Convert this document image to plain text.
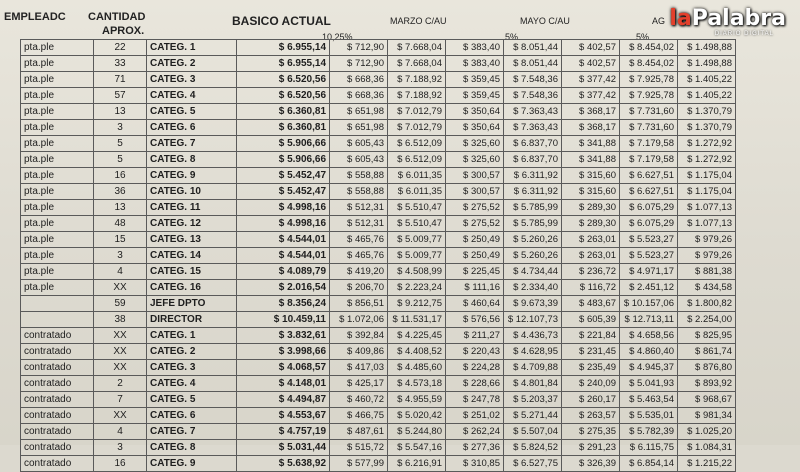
EMPLEADC CANTIDAD
APROX.
BASICO ACTUAL	MARZO C/AU
10,25%
MAYO C/AU
5%
AG
5%
laPalabra
DIARIO DIGITAL
pta.ple	22	CATEG. 1	$ 6.955,14	$ 712,90	$ 7.668,04	$ 383,40	$ 8.051,44	$ 402,57	$ 8.454,02	$ 1.498,88
pta.ple	33	CATEG. 2	$ 6.955,14	$ 712,90	$ 7.668,04	$ 383,40	$ 8.051,44	$ 402,57	$ 8.454,02	$ 1.498,88
pta.ple	71	CATEG. 3	$ 6.520,56	$ 668,36	$ 7.188,92	$ 359,45	$ 7.548,36	$ 377,42	$ 7.925,78	$ 1.405,22
pta.ple	57	CATEG. 4	$ 6.520,56	$ 668,36	$ 7.188,92	$ 359,45	$ 7.548,36	$ 377,42	$ 7.925,78	$ 1.405,22
pta.ple	13	CATEG. 5	$ 6.360,81	$ 651,98	$ 7.012,79	$ 350,64	$ 7.363,43	$ 368,17	$ 7.731,60	$ 1.370,79
pta.ple	3	CATEG. 6	$ 6.360,81	$ 651,98	$ 7.012,79	$ 350,64	$ 7.363,43	$ 368,17	$ 7.731,60	$ 1.370,79
pta.ple	5	CATEG. 7	$ 5.906,66	$ 605,43	$ 6.512,09	$ 325,60	$ 6.837,70	$ 341,88	$ 7.179,58	$ 1.272,92
pta.ple	5	CATEG. 8	$ 5.906,66	$ 605,43	$ 6.512,09	$ 325,60	$ 6.837,70	$ 341,88	$ 7.179,58	$ 1.272,92
pta.ple	16	CATEG. 9	$ 5.452,47	$ 558,88	$ 6.011,35	$ 300,57	$ 6.311,92	$ 315,60	$ 6.627,51	$ 1.175,04
pta.ple	36	CATEG. 10	$ 5.452,47	$ 558,88	$ 6.011,35	$ 300,57	$ 6.311,92	$ 315,60	$ 6.627,51	$ 1.175,04
pta.ple	13	CATEG. 11	$ 4.998,16	$ 512,31	$ 5.510,47	$ 275,52	$ 5.785,99	$ 289,30	$ 6.075,29	$ 1.077,13
pta.ple	48	CATEG. 12	$ 4.998,16	$ 512,31	$ 5.510,47	$ 275,52	$ 5.785,99	$ 289,30	$ 6.075,29	$ 1.077,13
pta.ple	15	CATEG. 13	$ 4.544,01	$ 465,76	$ 5.009,77	$ 250,49	$ 5.260,26	$ 263,01	$ 5.523,27	$ 979,26
pta.ple	3	CATEG. 14	$ 4.544,01	$ 465,76	$ 5.009,77	$ 250,49	$ 5.260,26	$ 263,01	$ 5.523,27	$ 979,26
pta.ple	4	CATEG. 15	$ 4.089,79	$ 419,20	$ 4.508,99	$ 225,45	$ 4.734,44	$ 236,72	$ 4.971,17	$ 881,38
pta.ple	XX	CATEG. 16	$ 2.016,54	$ 206,70	$ 2.223,24	$ 111,16	$ 2.334,40	$ 116,72	$ 2.451,12	$ 434,58
	59	JEFE DPTO	$ 8.356,24	$ 856,51	$ 9.212,75	$ 460,64	$ 9.673,39	$ 483,67	$ 10.157,06	$ 1.800,82
	38	DIRECTOR	$ 10.459,11	$ 1.072,06	$ 11.531,17	$ 576,56	$ 12.107,73	$ 605,39	$ 12.713,11	$ 2.254,00
contratado	XX	CATEG. 1	$ 3.832,61	$ 392,84	$ 4.225,45	$ 211,27	$ 4.436,73	$ 221,84	$ 4.658,56	$ 825,95
contratado	XX	CATEG. 2	$ 3.998,66	$ 409,86	$ 4.408,52	$ 220,43	$ 4.628,95	$ 231,45	$ 4.860,40	$ 861,74
contratado	XX	CATEG. 3	$ 4.068,57	$ 417,03	$ 4.485,60	$ 224,28	$ 4.709,88	$ 235,49	$ 4.945,37	$ 876,80
contratado	2	CATEG. 4	$ 4.148,01	$ 425,17	$ 4.573,18	$ 228,66	$ 4.801,84	$ 240,09	$ 5.041,93	$ 893,92
contratado	7	CATEG. 5	$ 4.494,87	$ 460,72	$ 4.955,59	$ 247,78	$ 5.203,37	$ 260,17	$ 5.463,54	$ 968,67
contratado	XX	CATEG. 6	$ 4.553,67	$ 466,75	$ 5.020,42	$ 251,02	$ 5.271,44	$ 263,57	$ 5.535,01	$ 981,34
contratado	4	CATEG. 7	$ 4.757,19	$ 487,61	$ 5.244,80	$ 262,24	$ 5.507,04	$ 275,35	$ 5.782,39	$ 1.025,20
contratado	3	CATEG. 8	$ 5.031,44	$ 515,72	$ 5.547,16	$ 277,36	$ 5.824,52	$ 291,23	$ 6.115,75	$ 1.084,31
contratado	16	CATEG. 9	$ 5.638,92	$ 577,99	$ 6.216,91	$ 310,85	$ 6.527,75	$ 326,39	$ 6.854,14	$ 1.215,22
